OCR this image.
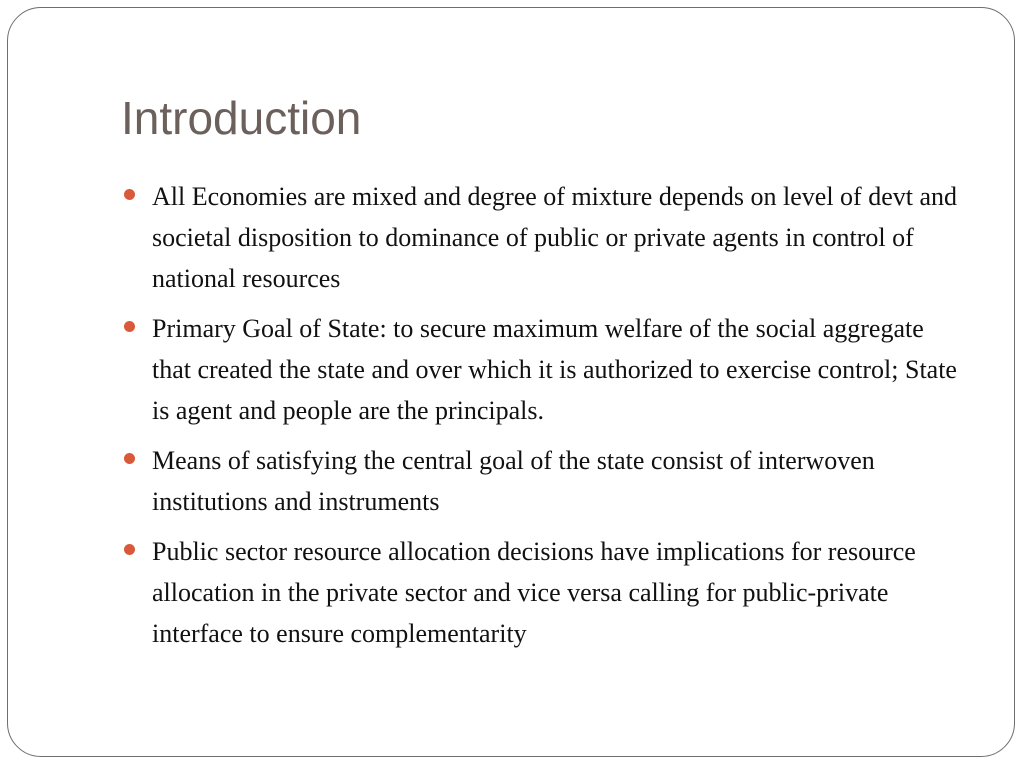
Introduction
All Economies are mixed and degree of mixture depends on level of devt and societal disposition to dominance of public or private agents in control of national resources
Primary Goal of State: to secure maximum welfare of the social aggregate that created the state and over which it is authorized to exercise control; State is agent and people are the principals.
Means of satisfying the central goal of the state consist of interwoven institutions and instruments
Public sector resource allocation decisions have implications for resource allocation in the private sector and vice versa calling for public-private interface to ensure complementarity
